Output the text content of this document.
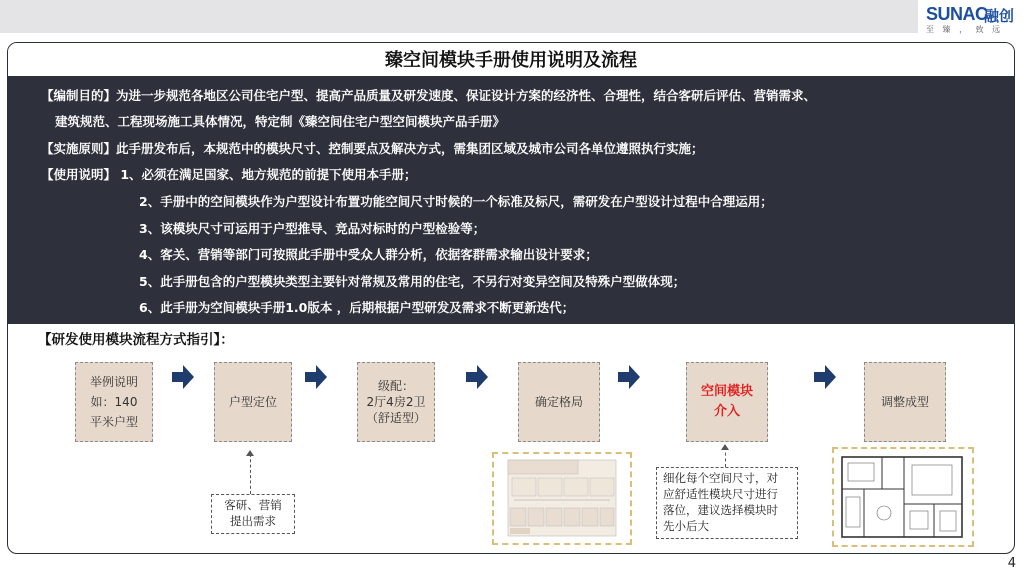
SUNAC
融创
至 臻 ， 致 远
臻空间模块手册使用说明及流程
【编制目的】为进一步规范各地区公司住宅户型、提高产品质量及研发速度、保证设计方案的经济性、合理性，结合客研后评估、营销需求、
建筑规范、工程现场施工具体情况，特定制《臻空间住宅户型空间模块产品手册》
【实施原则】此手册发布后，本规范中的模块尺寸、控制要点及解决方式，需集团区域及城市公司各单位遵照执行实施；
【使用说明】 1、必须在满足国家、地方规范的前提下使用本手册；
2、手册中的空间模块作为户型设计布置功能空间尺寸时候的一个标准及标尺，需研发在户型设计过程中合理运用；
3、该模块尺寸可运用于户型推导、竞品对标时的户型检验等；
4、客关、营销等部门可按照此手册中受众人群分析，依据客群需求输出设计要求；
5、此手册包含的户型模块类型主要针对常规及常用的住宅，不另行对变异空间及特殊户型做体现；
6、此手册为空间模块手册1.0版本 ，后期根据户型研发及需求不断更新迭代；
【研发使用模块流程方式指引】：
举例说明
如：140
平米户型
户型定位
级配：
2厅4房2卫
（舒适型）
确定格局
空间模块
介入
调整成型
客研、营销
提出需求
细化每个空间尺寸，对
应舒适性模块尺寸进行
落位，建议选择模块时
先小后大
4
